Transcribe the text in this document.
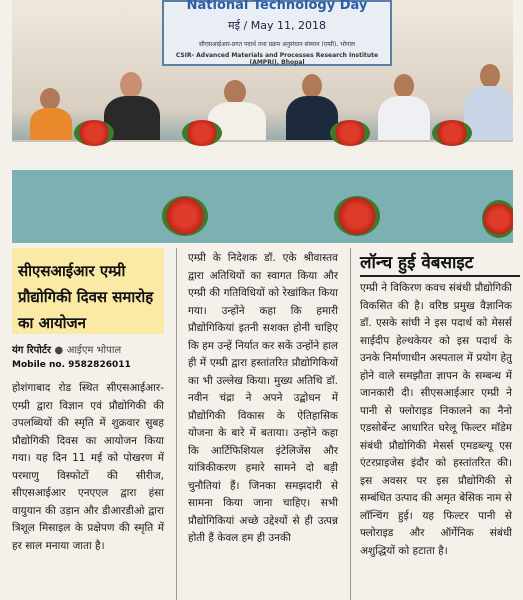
National Technology Day
मई / May 11, 2018
सीएसआईआर-प्रगत पदार्थ तथा प्रक्रम अनुसंधान संस्थान (एम्प्री), भोपाल
CSIR- Advanced Materials and Processes Research Institute (AMPRI), Bhopal
सीएसआईआर एम्प्री प्रौद्योगिकी दिवस समारोह का आयोजन
यंग रिपोर्टर ● आईएम भोपाल
Mobile no. 9582826011
होशंगाबाद रोड स्थित सीएसआईआर-एम्प्री द्वारा विज्ञान एवं प्रौद्योगिकी की उपलब्धियों की स्मृति में शुक्रवार सुबह प्रौद्योगिकी दिवस का आयोजन किया गया। यह दिन 11 मई को पोखरण में परमाणु विस्फोटों की सीरीज, सीएसआईआर एनएएल द्वारा हंसा वायुयान की उड़ान और डीआरडीओ द्वारा त्रिशूल मिसाइल के प्रक्षेपण की स्मृति में हर साल मनाया जाता है।
एम्प्री के निदेशक डॉ. एके श्रीवास्तव द्वारा अतिथियों का स्वागत किया और एम्प्री की गतिविधियों को रेखांकित किया गया। उन्होंने कहा कि हमारी प्रौद्योगिकियां इतनी सशक्त होनी चाहिए कि हम उन्हें निर्यात कर सकें उन्होंने हाल ही में एम्प्री द्वारा हस्तांतरित प्रौद्योगिकियों का भी उल्लेख किया। मुख्य अतिथि डॉ. नवीन चंद्रा ने अपने उद्बोधन में प्रौद्योगिकी विकास के ऐतिहासिक योजना के बारे में बताया। उन्होंने कहा कि आर्टिफिशियल इंटेलिजेंस और यांत्रिकीकरण हमारे सामने दो बड़ी चुनौतियां हैं। जिनका समझदारी से सामना किया जाना चाहिए। सभी प्रौद्योगिकियां अच्छे उद्देश्यों से ही उत्पन्न होती हैं केवल हम ही उनकी
लॉन्च हुई वेबसाइट
एम्प्री ने विकिरण कवच संबंधी प्रौद्योगिकी विकसित की है। वरिष्ठ प्रमुख वैज्ञानिक डॉ. एसके सांघी ने इस पदार्थ को मेसर्स साईदीप हेल्थकेयर को इस पदार्थ के उनके निर्माणाधीन अस्पताल में प्रयोग हेतु होने वाले समझौता ज्ञापन के सम्बन्ध में जानकारी दी। सीएसआईआर एम्प्री ने पानी से फ्लोराइड निकालने का नैनो एडसोर्बेन्ट आधारित घरेलू फिल्टर मॉडेम संबंधी प्रौद्योगिकी मेसर्स एमडब्ल्यू एस एंटरप्राइजेस इंदौर को हस्तांतरित की। इस अवसर पर इस प्रौद्योगिकी से सम्बंधित उत्पाद की अमृत बेसिक नाम से लॉन्चिंग हुई। यह फिल्टर पानी से फ्लोराइड और ऑर्गेनिक संबंधी अशुद्धियों को हटाता है।
